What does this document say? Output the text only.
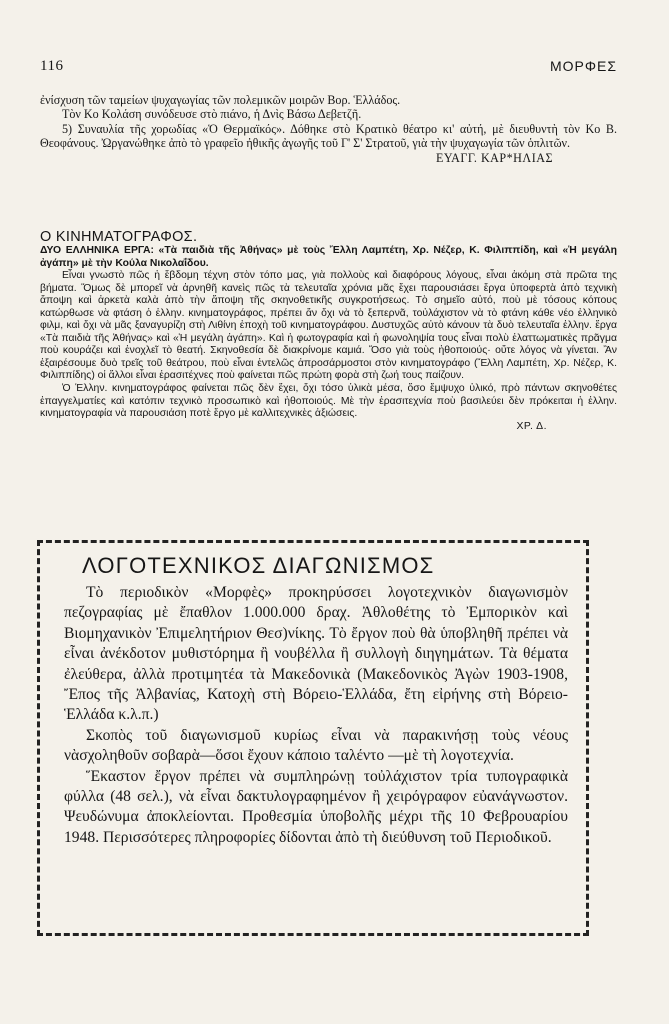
116	ΜΟΡΦΕΣ

ἐνίσχυση τῶν ταμείων ψυχαγωγίας τῶν πολεμικῶν μοιρῶν Βορ. Ἑλλάδος.

Τὸν Κο Κολάση συνόδευσε στὸ πιάνο, ἡ Δνὶς Βάσω Δεβετζῆ.

5) Συναυλία τῆς χορωδίας «Ὁ Θερμαϊκός». Δόθηκε στὸ Κρατικὸ θέατρο κι' αὐτή, μὲ διευθυντὴ τὸν Κο Β. Θεοφάνους. Ὠργανώθηκε ἀπὸ τὸ γραφεῖο ἠθικῆς ἀγωγῆς τοῦ Γ' Σ' Στρατοῦ, γιὰ τὴν ψυχαγωγία τῶν ὁπλιτῶν.

ΕΥΑΓΓ. ΚΑΡ*ΗΛΙΑΣ

Ο ΚΙΝΗΜΑΤΟΓΡΑΦΟΣ.

ΔΥΟ ΕΛΛΗΝΙΚΑ ΕΡΓΑ: «Τὰ παιδιὰ τῆς Ἀθήνας» μὲ τοὺς Ἔλλη Λαμπέτη, Χρ. Νέζερ, Κ. Φιλιππίδη, καὶ «Ἡ μεγάλη ἀγάπη» μὲ τὴν Κούλα Νικολαΐδου.

Εἶναι γνωστὸ πῶς ἡ ἕβδομη τέχνη στὸν τόπο μας, γιὰ πολλοὺς καὶ διαφόρους λόγους, εἶναι ἀκόμη στὰ πρῶτα της βήματα. Ὅμως δὲ μπορεῖ νὰ ἀρνηθῆ κανεὶς πῶς τὰ τελευταῖα χρόνια μᾶς ἔχει παρουσιάσει ἔργα ὑποφερτὰ ἀπὸ τεχνικὴ ἄποψη καὶ ἀρκετὰ καλὰ ἀπὸ τὴν ἄποψη τῆς σκηνοθετικῆς συγκροτήσεως. Τὸ σημεῖο αὐτό, ποὺ μὲ τόσους κόπους κατώρθωσε νὰ φτάση ὁ ἑλλην. κινηματογράφος, πρέπει ἄν ὄχι νὰ τὸ ξεπερνᾶ, τοὐλάχιστον νὰ τὸ φτάνη κάθε νέο ἑλληνικὸ φιλμ, καὶ ὄχι νὰ μᾶς ξαναγυρίζη στὴ Λιθίνη ἐποχὴ τοῦ κινηματογράφου. Δυστυχῶς αὐτὸ κάνουν τὰ δυὸ τελευταῖα ἑλλην. ἔργα «Τὰ παιδιὰ τῆς Ἀθήνας» καὶ «Ἡ μεγάλη ἀγάπη». Καὶ ἡ φωτογραφία καὶ ἡ φωνοληψία τους εἶναι πολὺ ἐλαττωματικὲς πρᾶγμα ποὺ κουράζει καὶ ἐνοχλεῖ τὸ θεατή. Σκηνοθεσία δὲ διακρίνομε καμιά. Ὅσο γιὰ τοὺς ἠθοποιούς· οὔτε λόγος νὰ γίνεται. Ἂν ἐξαιρέσουμε δυὸ τρεῖς τοῦ θεάτρου, ποὺ εἶναι ἐντελῶς ἀπροσάρμοστοι στὸν κινηματογράφο (Ἔλλη Λαμπέτη, Χρ. Νέζερ, Κ. Φιλιππίδης) οἱ ἄλλοι εἶναι ἐρασιτέχνες ποὺ φαίνεται πῶς πρώτη φορὰ στὴ ζωή τους παίζουν.

Ὁ Ἑλλην. κινηματογράφος φαίνεται πῶς δὲν ἔχει, ὄχι τόσο ὑλικὰ μέσα, ὅσο ἔμψυχο ὑλικό, πρὸ πάντων σκηνοθέτες ἐπαγγελματίες καὶ κατόπιν τεχνικὸ προσωπικὸ καὶ ἠθοποιούς. Μὲ τὴν ἐρασιτεχνία ποὺ βασιλεύει δὲν πρόκειται ἡ ἑλλην. κινηματογραφία νὰ παρουσιάση ποτὲ ἔργο μὲ καλλιτεχνικὲς ἀξιώσεις.

ΧΡ. Δ.

ΛΟΓΟΤΕΧΝΙΚΟΣ ΔΙΑΓΩΝΙΣΜΟΣ

Τὸ περιοδικὸν «Μορφὲς» προκηρύσσει λογοτεχνικὸν διαγωνισμὸν πεζογραφίας μὲ ἔπαθλον 1.000.000 δραχ. Ἀθλοθέτης τὸ Ἐμπορικὸν καὶ Βιομηχανικὸν Ἐπιμελητήριον Θεσ)νίκης. Τὸ ἔργον ποὺ θὰ ὑποβληθῆ πρέπει νὰ εἶναι ἀνέκδοτον μυθιστόρημα ἢ νουβέλλα ἢ συλλογὴ διηγημάτων. Τὰ θέματα ἐλεύθερα, ἀλλὰ προτιμητέα τὰ Μακεδονικὰ (Μακεδονικὸς Ἀγὼν 1903-1908, Ἔπος τῆς Ἀλβανίας, Κατοχὴ στὴ Βόρειο-Ἑλλάδα, ἔτη εἰρήνης στὴ Βόρειο-Ἑλλάδα κ.λ.π.)

Σκοπὸς τοῦ διαγωνισμοῦ κυρίως εἶναι νὰ παρακινήσῃ τοὺς νέους νὰσχοληθοῦν σοβαρὰ—ὅσοι ἔχουν κάποιο ταλέντο —μὲ τὴ λογοτεχνία.

Ἕκαστον ἔργον πρέπει νὰ συμπληρώνῃ τοὐλάχιστον τρία τυπογραφικὰ φύλλα (48 σελ.), νὰ εἶναι δακτυλογραφημένον ἢ χειρόγραφον εὐανάγνωστον. Ψευδώνυμα ἀποκλείονται. Προθεσμία ὑποβολῆς μέχρι τῆς 10 Φεβρουαρίου 1948. Περισσότερες πληροφορίες δίδονται ἀπὸ τὴ διεύθυνση τοῦ Περιοδικοῦ.
